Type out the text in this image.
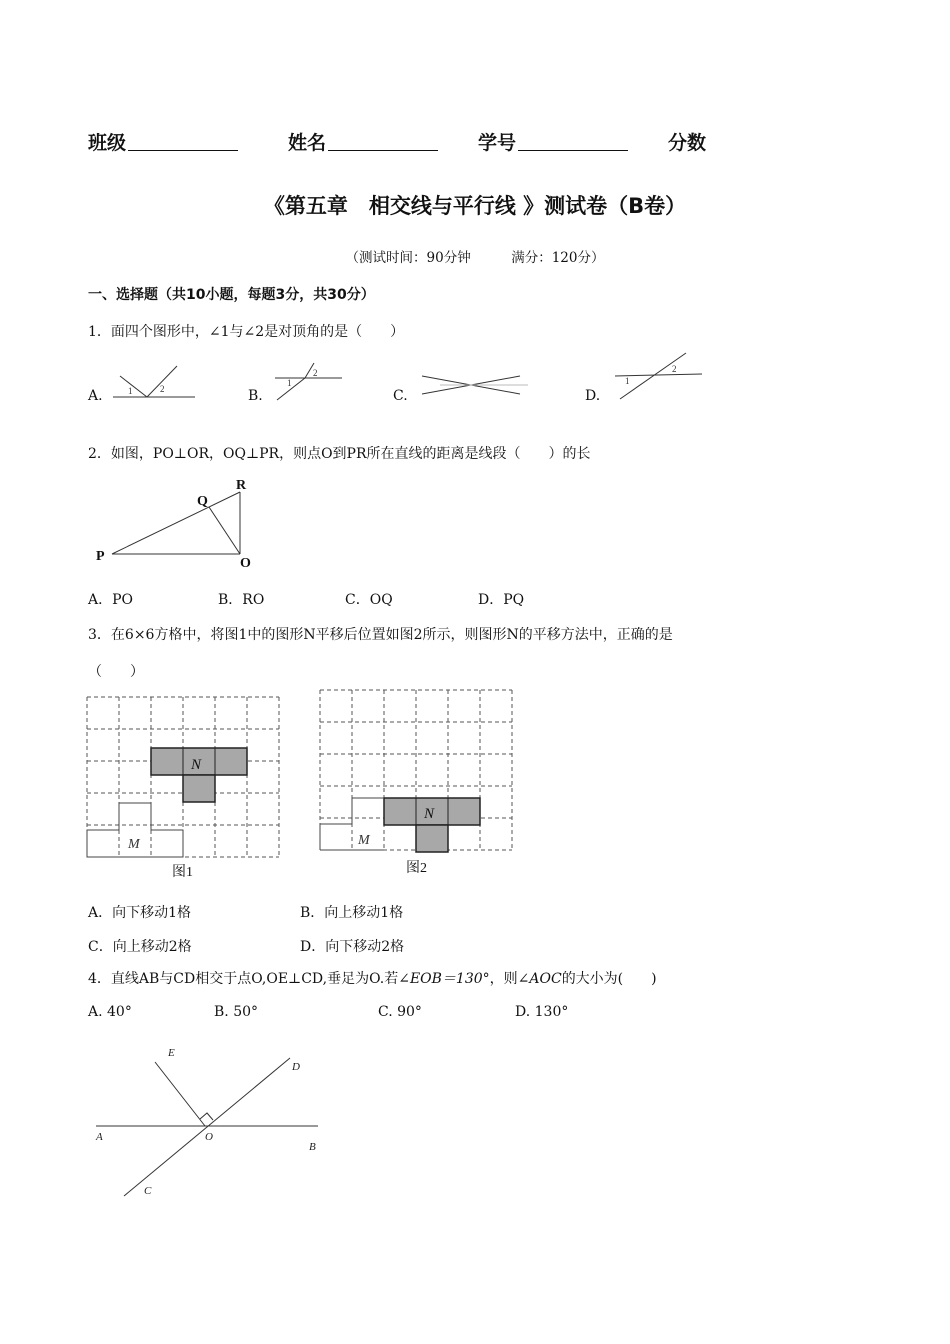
班级	姓名	学号	分数
《第五章　相交线与平行线 》测试卷（B卷）
（测试时间：90分钟　　　满分：120分）
一、选择题（共10小题，每题3分，共30分）
1．面四个图形中，∠1与∠2是对顶角的是（　　）
A.	B.	C.	D.
1	2
1
2
1
2
2．如图，PO⊥OR，OQ⊥PR，则点O到PR所在直线的距离是线段（　　）的长
P
Q
R
O
A．PO	B．RO	C．OQ	D．PQ
3．在6×6方格中，将图1中的图形N平移后位置如图2所示，则图形N的平移方法中，正确的是
（　　）
N
M
图1
N
M
图2
A．向下移动1格	B．向上移动1格
C．向上移动2格	D．向下移动2格
4．直线AB与CD相交于点O,OE⊥CD,垂足为O.若∠EOB＝130°，则∠AOC的大小为(　　)
A. 40°	B. 50°	C. 90°	D. 130°
A
B
C
D
E
O
